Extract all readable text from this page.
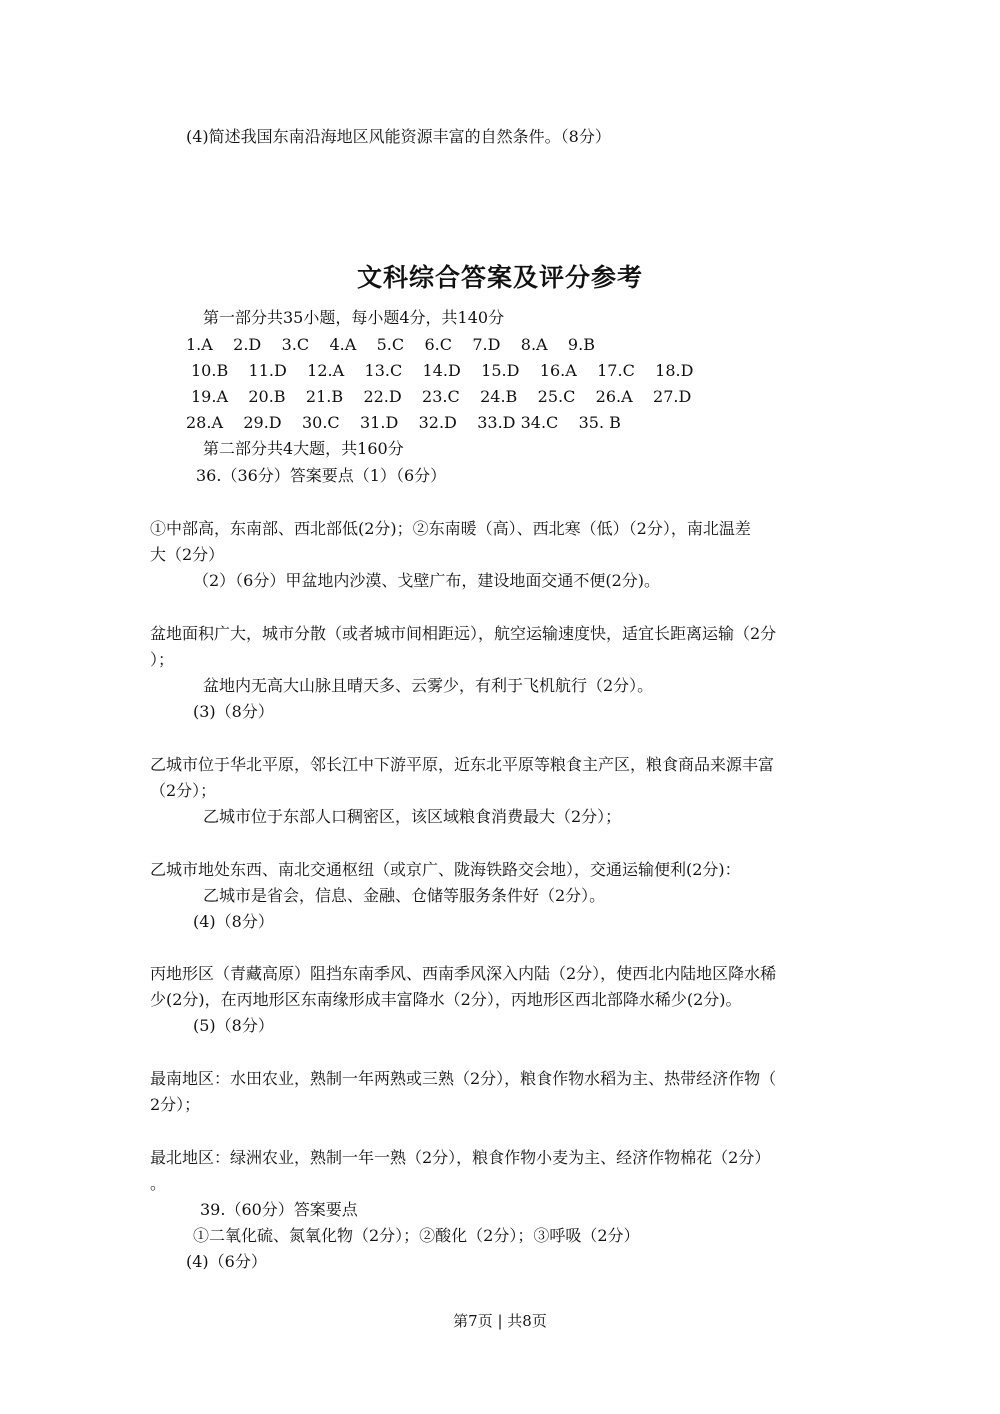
(4)简述我国东南沿海地区风能资源丰富的自然条件。（8分）
文科综合答案及评分参考
第一部分共35小题，每小题4分，共140分
1.A    2.D    3.C    4.A    5.C    6.C    7.D    8.A    9.B
10.B    11.D    12.A    13.C    14.D    15.D    16.A    17.C    18.D
19.A    20.B    21.B    22.D    23.C    24.B    25.C    26.A    27.D
28.A    29.D    30.C    31.D    32.D    33.D 34.C    35. B
第二部分共4大题，共160分
36.（36分）答案要点（1）（6分）
①中部高，东南部、西北部低(2分)；②东南暖（高）、西北寒（低）（2分），南北温差
大（2分）
（2）（6分）甲盆地内沙漠、戈壁广布，建设地面交通不便(2分)。
盆地面积广大，城市分散（或者城市间相距远），航空运输速度快，适宜长距离运输（2分
）；
盆地内无高大山脉且晴天多、云雾少，有利于飞机航行（2分）。
(3)（8分）
乙城市位于华北平原，邻长江中下游平原，近东北平原等粮食主产区，粮食商品来源丰富
（2分）；
乙城市位于东部人口稠密区，该区域粮食消费最大（2分）；
乙城市地处东西、南北交通枢纽（或京广、陇海铁路交会地），交通运输便利(2分)：
乙城市是省会，信息、金融、仓储等服务条件好（2分）。
(4)（8分）
丙地形区（青藏高原）阻挡东南季风、西南季风深入内陆（2分），使西北内陆地区降水稀
少(2分)，在丙地形区东南缘形成丰富降水（2分），丙地形区西北部降水稀少(2分)。
(5)（8分）
最南地区：水田农业，熟制一年两熟或三熟（2分），粮食作物水稻为主、热带经济作物（
2分）；
最北地区：绿洲农业，熟制一年一熟（2分），粮食作物小麦为主、经济作物棉花（2分）
。
39.（60分）答案要点
①二氧化硫、氮氧化物（2分）；②酸化（2分）；③呼吸（2分）
(4)（6分）
第7页 | 共8页
